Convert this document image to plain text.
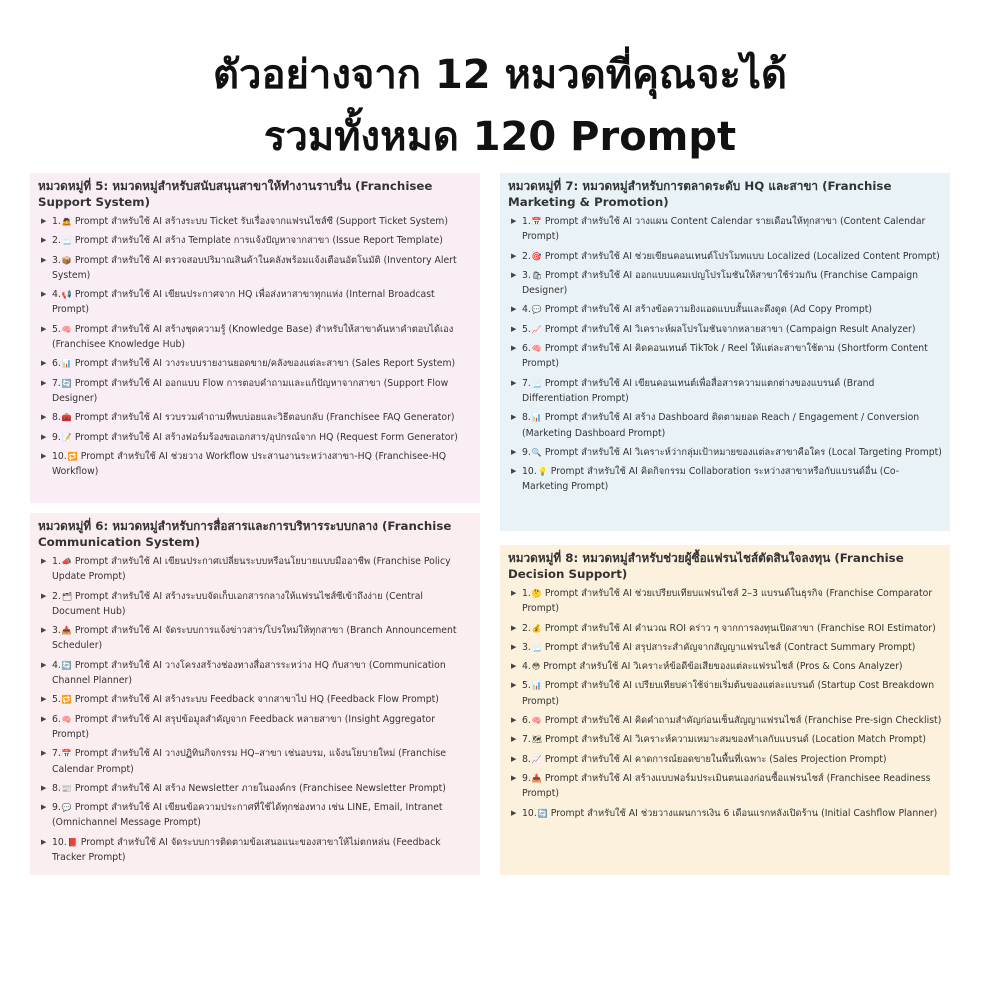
ตัวอย่างจาก 12 หมวดที่คุณจะได้
รวมทั้งหมด 120 Prompt
หมวดหมู่ที่ 5: หมวดหมู่สำหรับสนับสนุนสาขาให้ทำงานราบรื่น (Franchisee Support System)
▶ 1.🙇 Prompt สำหรับใช้ AI สร้างระบบ Ticket รับเรื่องจากแฟรนไชส์ซี (Support Ticket System)
▶ 2.📃 Prompt สำหรับใช้ AI สร้าง Template การแจ้งปัญหาจากสาขา (Issue Report Template)
▶ 3.📦 Prompt สำหรับใช้ AI ตรวจสอบปริมาณสินค้าในคลังพร้อมแจ้งเตือนอัตโนมัติ (Inventory Alert System)
▶ 4.📢 Prompt สำหรับใช้ AI เขียนประกาศจาก HQ เพื่อส่งหาสาขาทุกแห่ง (Internal Broadcast Prompt)
▶ 5.🧠 Prompt สำหรับใช้ AI สร้างชุดความรู้ (Knowledge Base) สำหรับให้สาขาค้นหาคำตอบได้เอง (Franchisee Knowledge Hub)
▶ 6.📊 Prompt สำหรับใช้ AI วางระบบรายงานยอดขาย/คลังของแต่ละสาขา (Sales Report System)
▶ 7.🔄 Prompt สำหรับใช้ AI ออกแบบ Flow การตอบคำถามและแก้ปัญหาจากสาขา (Support Flow Designer)
▶ 8.🧰 Prompt สำหรับใช้ AI รวบรวมคำถามที่พบบ่อยและวิธีตอบกลับ (Franchisee FAQ Generator)
▶ 9.📝 Prompt สำหรับใช้ AI สร้างฟอร์มร้องขอเอกสาร/อุปกรณ์จาก HQ (Request Form Generator)
▶ 10.🔁 Prompt สำหรับใช้ AI ช่วยวาง Workflow ประสานงานระหว่างสาขา-HQ (Franchisee-HQ Workflow)
หมวดหมู่ที่ 6: หมวดหมู่สำหรับการสื่อสารและการบริหารระบบกลาง (Franchise Communication System)
▶ 1.📣 Prompt สำหรับใช้ AI เขียนประกาศเปลี่ยนระบบหรือนโยบายแบบมืออาชีพ (Franchise Policy Update Prompt)
▶ 2.🗂 Prompt สำหรับใช้ AI สร้างระบบจัดเก็บเอกสารกลางให้แฟรนไชส์ซีเข้าถึงง่าย (Central Document Hub)
▶ 3.📥 Prompt สำหรับใช้ AI จัดระบบการแจ้งข่าวสาร/โปรใหม่ให้ทุกสาขา (Branch Announcement Scheduler)
▶ 4.🔄 Prompt สำหรับใช้ AI วางโครงสร้างช่องทางสื่อสารระหว่าง HQ กับสาขา (Communication Channel Planner)
▶ 5.🔁 Prompt สำหรับใช้ AI สร้างระบบ Feedback จากสาขาไป HQ (Feedback Flow Prompt)
▶ 6.🧠 Prompt สำหรับใช้ AI สรุปข้อมูลสำคัญจาก Feedback หลายสาขา (Insight Aggregator Prompt)
▶ 7.📅 Prompt สำหรับใช้ AI วางปฏิทินกิจกรรม HQ–สาขา เช่นอบรม, แจ้งนโยบายใหม่ (Franchise Calendar Prompt)
▶ 8.📰 Prompt สำหรับใช้ AI สร้าง Newsletter ภายในองค์กร (Franchisee Newsletter Prompt)
▶ 9.💬 Prompt สำหรับใช้ AI เขียนข้อความประกาศที่ใช้ได้ทุกช่องทาง เช่น LINE, Email, Intranet (Omnichannel Message Prompt)
▶ 10.📕 Prompt สำหรับใช้ AI จัดระบบการติดตามข้อเสนอแนะของสาขาให้ไม่ตกหล่น (Feedback Tracker Prompt)
หมวดหมู่ที่ 7: หมวดหมู่สำหรับการตลาดระดับ HQ และสาขา (Franchise Marketing & Promotion)
▶ 1.📅 Prompt สำหรับใช้ AI วางแผน Content Calendar รายเดือนให้ทุกสาขา (Content Calendar Prompt)
▶ 2.🎯 Prompt สำหรับใช้ AI ช่วยเขียนคอนเทนต์โปรโมทแบบ Localized (Localized Content Prompt)
▶ 3.🛍 Prompt สำหรับใช้ AI ออกแบบแคมเปญโปรโมชันให้สาขาใช้ร่วมกัน (Franchise Campaign Designer)
▶ 4.💬 Prompt สำหรับใช้ AI สร้างข้อความยิงแอดแบบสั้นและดึงดูด (Ad Copy Prompt)
▶ 5.📈 Prompt สำหรับใช้ AI วิเคราะห์ผลโปรโมชันจากหลายสาขา (Campaign Result Analyzer)
▶ 6.🧠 Prompt สำหรับใช้ AI คิดคอนเทนต์ TikTok / Reel ให้แต่ละสาขาใช้ตาม (Shortform Content Prompt)
▶ 7.📃 Prompt สำหรับใช้ AI เขียนคอนเทนต์เพื่อสื่อสารความแตกต่างของแบรนด์ (Brand Differentiation Prompt)
▶ 8.📊 Prompt สำหรับใช้ AI สร้าง Dashboard ติดตามยอด Reach / Engagement / Conversion (Marketing Dashboard Prompt)
▶ 9.🔍 Prompt สำหรับใช้ AI วิเคราะห์ว่ากลุ่มเป้าหมายของแต่ละสาขาคือใคร (Local Targeting Prompt)
▶ 10.💡 Prompt สำหรับใช้ AI คิดกิจกรรม Collaboration ระหว่างสาขาหรือกับแบรนด์อื่น (Co-Marketing Prompt)
หมวดหมู่ที่ 8: หมวดหมู่สำหรับช่วยผู้ซื้อแฟรนไชส์ตัดสินใจลงทุน (Franchise Decision Support)
▶ 1.🤔 Prompt สำหรับใช้ AI ช่วยเปรียบเทียบแฟรนไชส์ 2–3 แบรนด์ในธุรกิจ (Franchise Comparator Prompt)
▶ 2.💰 Prompt สำหรับใช้ AI คำนวณ ROI คร่าว ๆ จากการลงทุนเปิดสาขา (Franchise ROI Estimator)
▶ 3.📃 Prompt สำหรับใช้ AI สรุปสาระสำคัญจากสัญญาแฟรนไชส์ (Contract Summary Prompt)
▶ 4.😳 Prompt สำหรับใช้ AI วิเคราะห์ข้อดีข้อเสียของแต่ละแฟรนไชส์ (Pros & Cons Analyzer)
▶ 5.📊 Prompt สำหรับใช้ AI เปรียบเทียบค่าใช้จ่ายเริ่มต้นของแต่ละแบรนด์ (Startup Cost Breakdown Prompt)
▶ 6.🧠 Prompt สำหรับใช้ AI คิดคำถามสำคัญก่อนเซ็นสัญญาแฟรนไชส์ (Franchise Pre-sign Checklist)
▶ 7.🗺 Prompt สำหรับใช้ AI วิเคราะห์ความเหมาะสมของทำเลกับแบรนด์ (Location Match Prompt)
▶ 8.📈 Prompt สำหรับใช้ AI คาดการณ์ยอดขายในพื้นที่เฉพาะ (Sales Projection Prompt)
▶ 9.📥 Prompt สำหรับใช้ AI สร้างแบบฟอร์มประเมินตนเองก่อนซื้อแฟรนไชส์ (Franchisee Readiness Prompt)
▶ 10.🔄 Prompt สำหรับใช้ AI ช่วยวางแผนการเงิน 6 เดือนแรกหลังเปิดร้าน (Initial Cashflow Planner)
